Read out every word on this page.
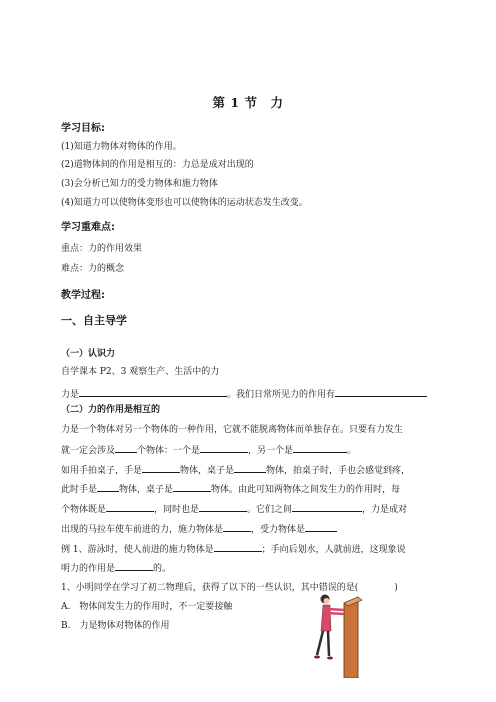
第 1 节　力
学习目标:
(1)知道力物体对物体的作用。
(2)道物体间的作用是相互的：力总是成对出现的
(3)会分析已知力的受力物体和施力物体
(4)知道力可以使物体变形也可以使物体的运动状态发生改变。
学习重难点:
重点：力的作用效果
难点：力的概念
教学过程:
一、自主导学
（一）认识力
自学课本 P2、3 观察生产、生活中的力
力是	。我们日常所见力的作用有
（二）力的作用是相互的
力是一个物体对另一个物体的一种作用，它就不能脱离物体而单独存在。只要有力发生
就一定会涉及 个物体：一个是	，另一个是	。
如用手拍桌子，手是	物体，桌子是	物体，拍桌子时，手也会感觉到疼，
此时手是 物体，桌子是	物体。由此可知两物体之间发生力的作用时，每
个物体既是	，同时也是	。它们之间	，力是成对
出现的马拉车使车前进的力，施力物体是	，受力物体是
例 1、游泳时，使人前进的施力物体是	；手向后划水，人就前进，这现象说
明力的作用是	的。
1、小明同学在学习了初二物理后，获得了以下的一些认识，其中错误的是(　　　　)
A.　物体间发生力的作用时，不一定要接触
B.　力是物体对物体的作用
